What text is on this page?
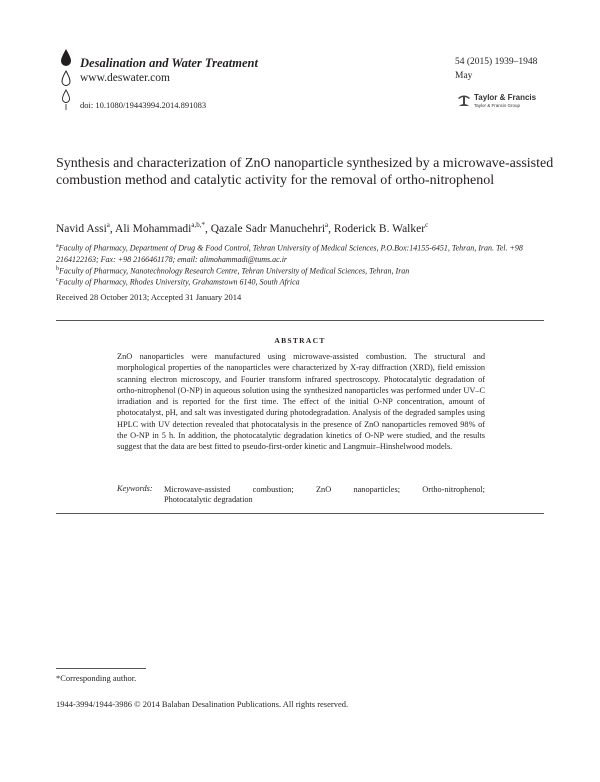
Desalination and Water Treatment
www.deswater.com
doi: 10.1080/19443994.2014.891083
54 (2015) 1939–1948
May
Taylor & Francis
Taylor & Francis Group
Synthesis and characterization of ZnO nanoparticle synthesized by a microwave-assisted combustion method and catalytic activity for the removal of ortho-nitrophenol
Navid Assi$^a$, Ali Mohammadi$^{a,b,*}$, Qazale Sadr Manuchehri$^a$, Roderick B. Walker$^c$
$^a$Faculty of Pharmacy, Department of Drug & Food Control, Tehran University of Medical Sciences, P.O.Box:14155-6451, Tehran, Iran. Tel. +98 2164122163; Fax: +98 2166461178; email: alimohammadi@tums.ac.ir
$^b$Faculty of Pharmacy, Nanotechnology Research Centre, Tehran University of Medical Sciences, Tehran, Iran
$^c$Faculty of Pharmacy, Rhodes University, Grahamstown 6140, South Africa
Received 28 October 2013; Accepted 31 January 2014
ABSTRACT
ZnO nanoparticles were manufactured using microwave-assisted combustion. The structural and morphological properties of the nanoparticles were characterized by X-ray diffraction (XRD), field emission scanning electron microscopy, and Fourier transform infrared spectroscopy. Photocatalytic degradation of ortho-nitrophenol (O-NP) in aqueous solution using the synthesized nanoparticles was performed under UV–C irradiation and is reported for the first time. The effect of the initial O-NP concentration, amount of photocatalyst, pH, and salt was investigated during photodegradation. Analysis of the degraded samples using HPLC with UV detection revealed that photocatalysis in the presence of ZnO nanoparticles removed 98% of the O-NP in 5 h. In addition, the photocatalytic degradation kinetics of O-NP were studied, and the results suggest that the data are best fitted to pseudo-first-order kinetic and Langmuir–Hinshelwood models.
Keywords: Microwave-assisted combustion; ZnO nanoparticles; Ortho-nitrophenol;
Photocatalytic degradation
*Corresponding author.
1944-3994/1944-3986 © 2014 Balaban Desalination Publications. All rights reserved.
